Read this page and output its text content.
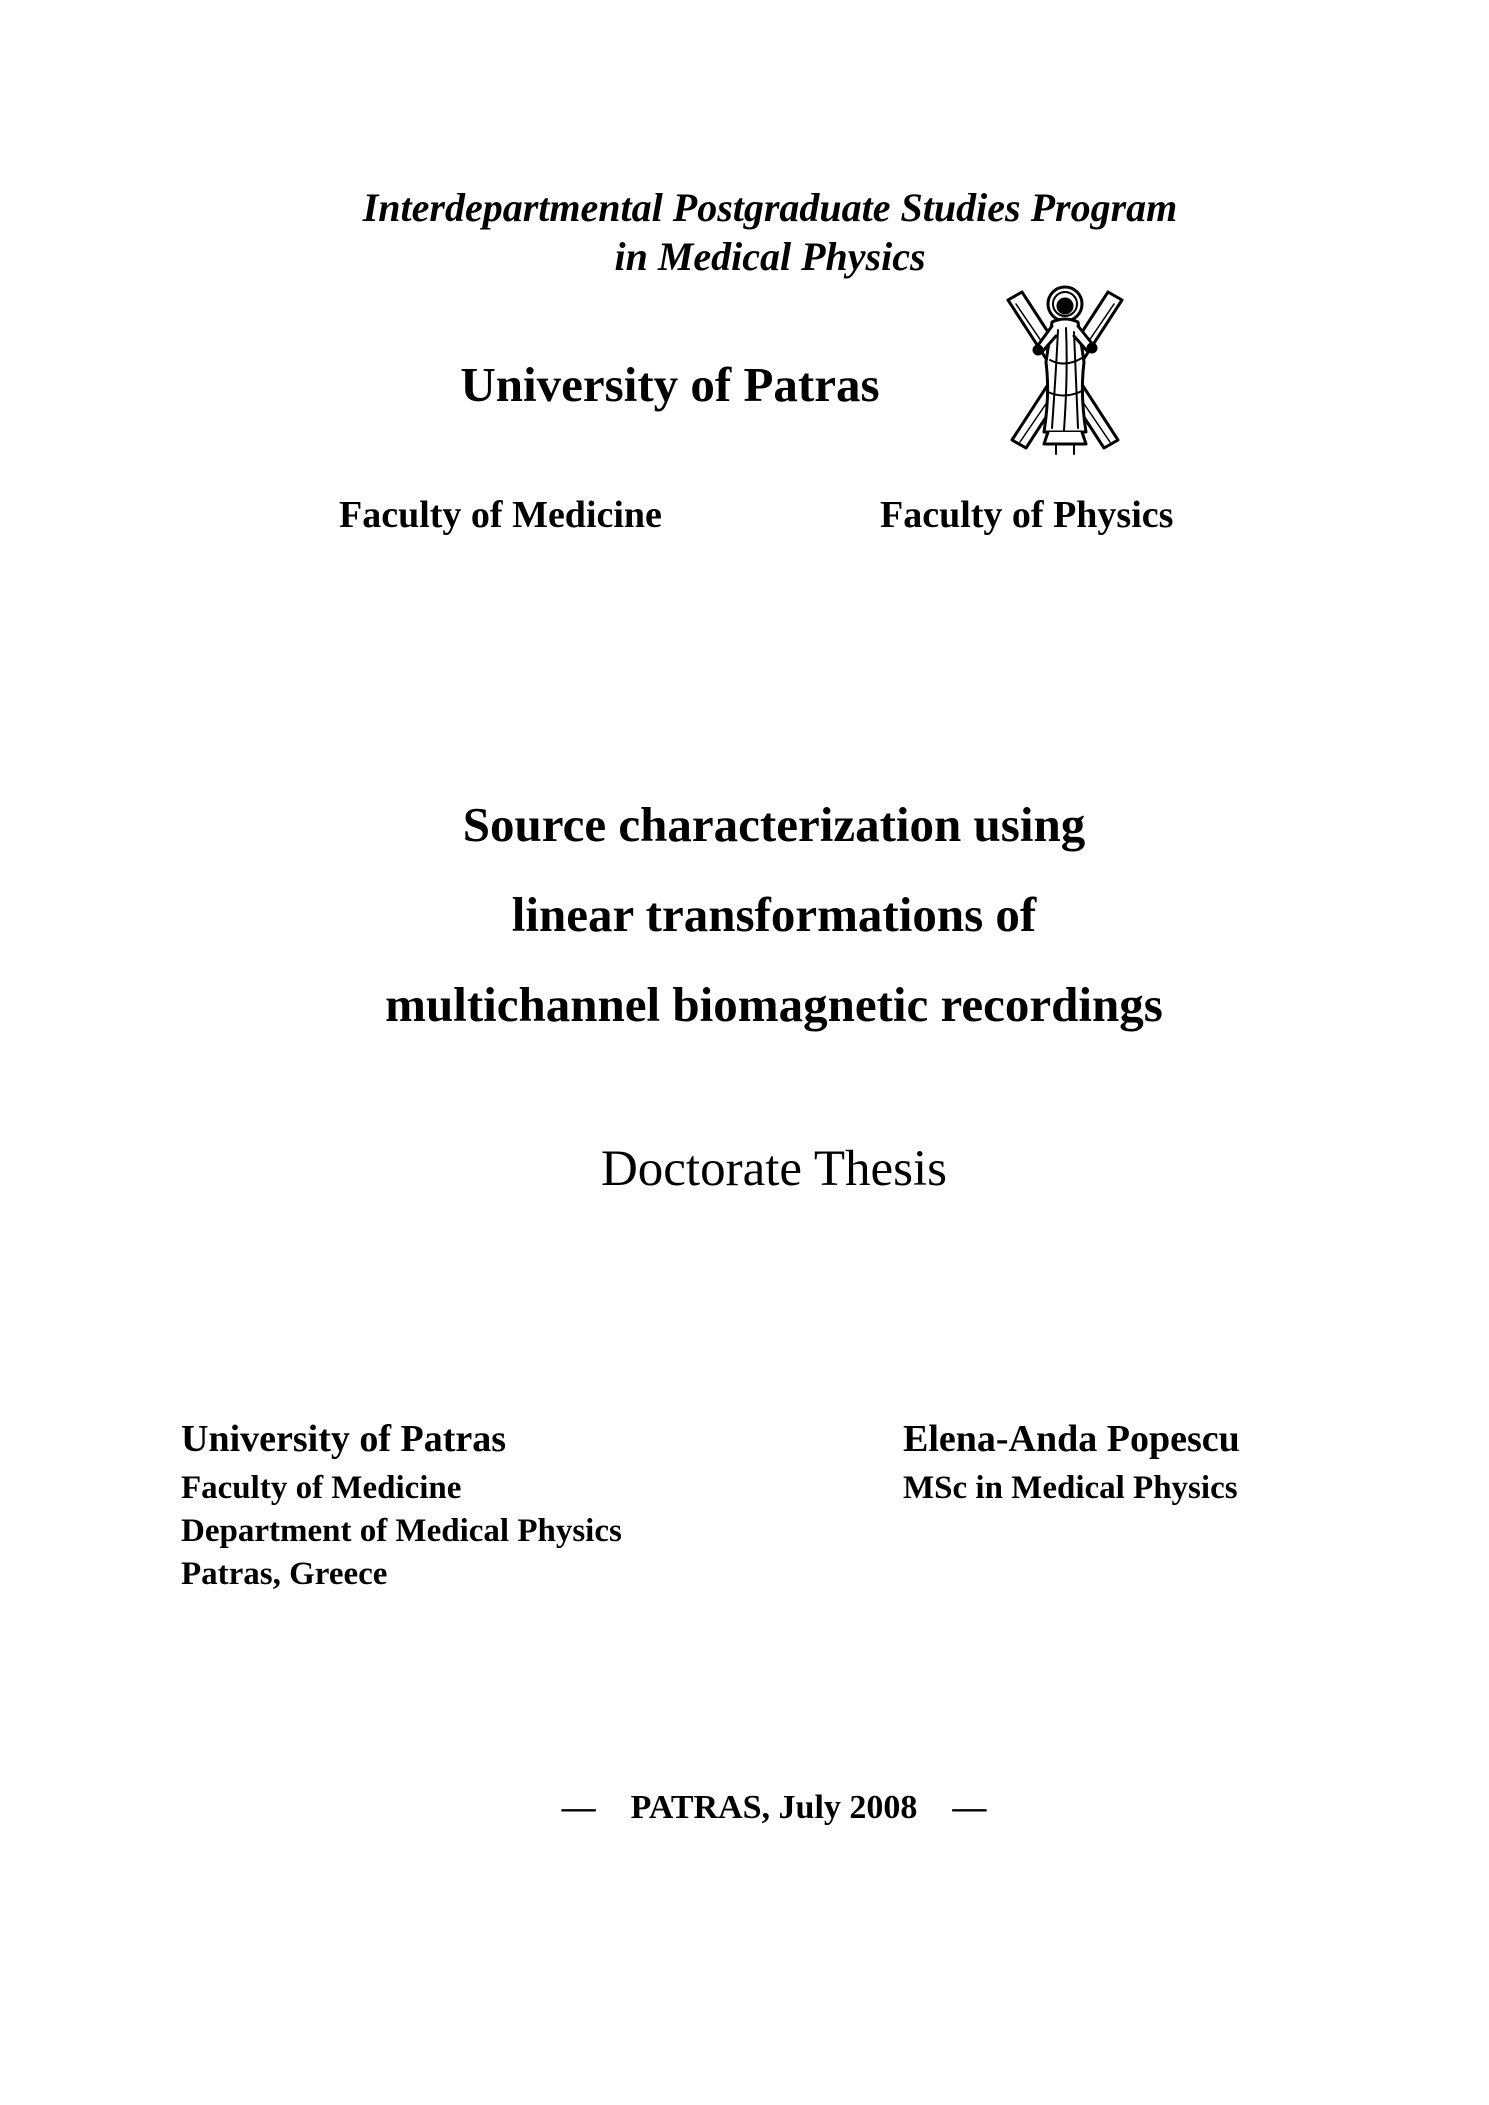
Interdepartmental Postgraduate Studies Program
in Medical Physics
University of Patras
Faculty of Medicine	Faculty of Physics
Source characterization using
linear transformations of
multichannel biomagnetic recordings
Doctorate Thesis
University of Patras
Faculty of Medicine
Department of Medical Physics
Patras, Greece
Elena-Anda Popescu
MSc in Medical Physics
— PATRAS, July 2008 —
